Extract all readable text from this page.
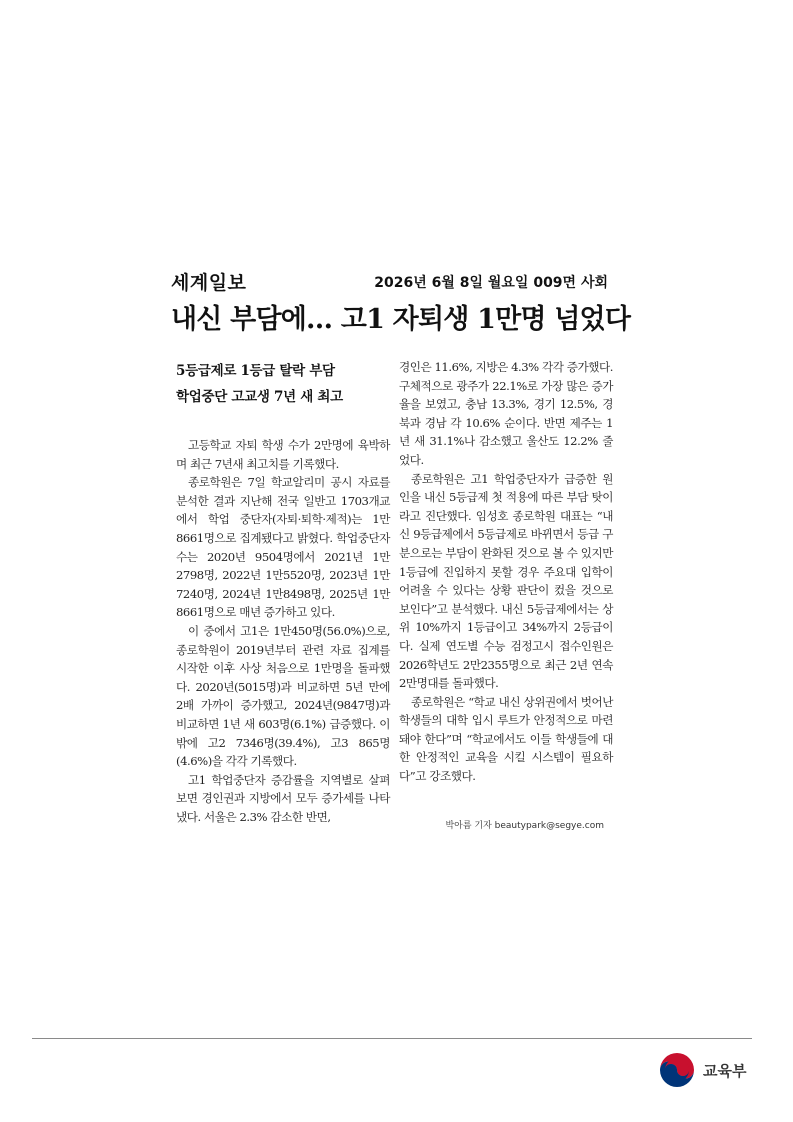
세계일보	2026년 6월 8일 월요일 009면 사회
내신 부담에… 고1 자퇴생 1만명 넘었다
5등급제로 1등급 탈락 부담
학업중단 고교생 7년 새 최고

고등학교 자퇴 학생 수가 2만명에 육박하며 최근 7년새 최고치를 기록했다.

종로학원은 7일 학교알리미 공시 자료를 분석한 결과 지난해 전국 일반고 1703개교에서 학업 중단자(자퇴·퇴학·제적)는 1만8661명으로 집계됐다고 밝혔다. 학업중단자 수는 2020년 9504명에서 2021년 1만2798명, 2022년 1만5520명, 2023년 1만7240명, 2024년 1만8498명, 2025년 1만8661명으로 매년 증가하고 있다.

이 중에서 고1은 1만450명(56.0%)으로, 종로학원이 2019년부터 관련 자료 집계를 시작한 이후 사상 처음으로 1만명을 돌파했다. 2020년(5015명)과 비교하면 5년 만에 2배 가까이 증가했고, 2024년(9847명)과 비교하면 1년 새 603명(6.1%) 급증했다. 이밖에 고2 7346명(39.4%), 고3 865명(4.6%)을 각각 기록했다.

고1 학업중단자 증감률을 지역별로 살펴보면 경인권과 지방에서 모두 증가세를 나타냈다. 서울은 2.3% 감소한 반면,

경인은 11.6%, 지방은 4.3% 각각 증가했다. 구체적으로 광주가 22.1%로 가장 많은 증가율을 보였고, 충남 13.3%, 경기 12.5%, 경북과 경남 각 10.6% 순이다. 반면 제주는 1년 새 31.1%나 감소했고 울산도 12.2% 줄었다.

종로학원은 고1 학업중단자가 급증한 원인을 내신 5등급제 첫 적용에 따른 부담 탓이라고 진단했다. 임성호 종로학원 대표는 “내신 9등급제에서 5등급제로 바뀌면서 등급 구분으로는 부담이 완화된 것으로 볼 수 있지만 1등급에 진입하지 못할 경우 주요대 입학이 어려울 수 있다는 상황 판단이 컸을 것으로 보인다”고 분석했다. 내신 5등급제에서는 상위 10%까지 1등급이고 34%까지 2등급이다. 실제 연도별 수능 검정고시 접수인원은 2026학년도 2만2355명으로 최근 2년 연속 2만명대를 돌파했다.

종로학원은 “학교 내신 상위권에서 벗어난 학생들의 대학 입시 루트가 안정적으로 마련돼야 한다”며 “학교에서도 이들 학생들에 대한 안정적인 교육을 시킬 시스템이 필요하다”고 강조했다.

박아름 기자 beautypark@segye.com
교육부
